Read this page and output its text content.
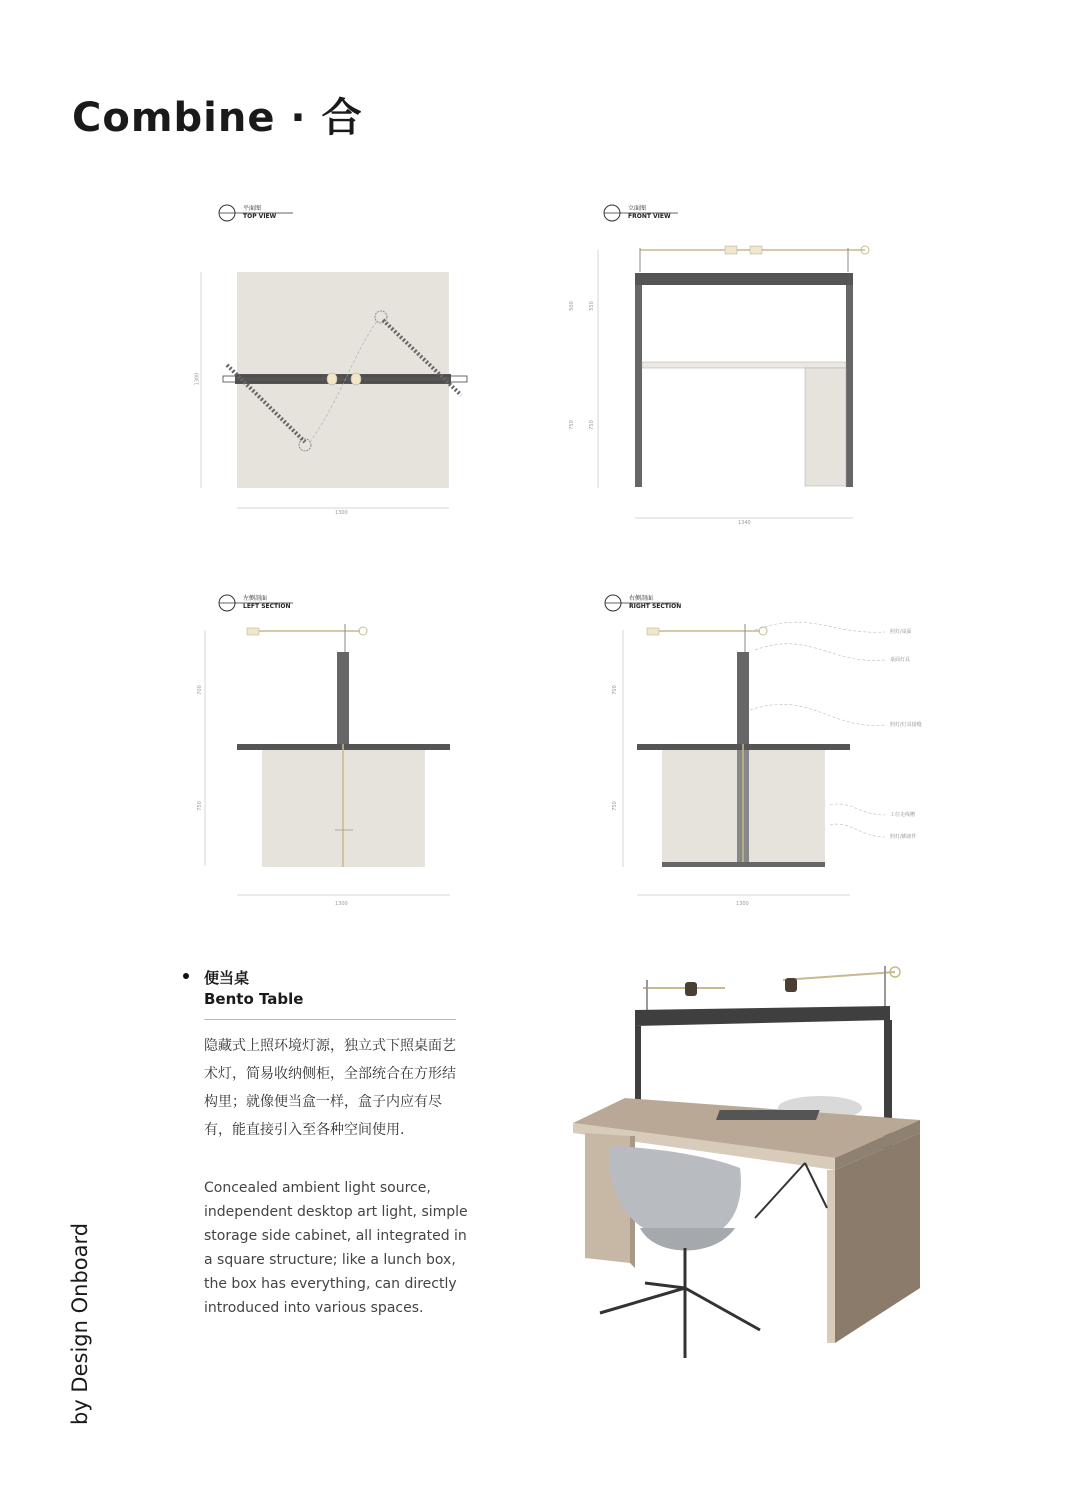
Combine · 合
平面图
TOP VIEW
1300
1300
立面图
FRONT VIEW
1340
500	550
750	750
左侧剖面
LEFT SECTION
1300
700
750
右侧剖面
RIGHT SECTION
1300
700
750
照灯/桌面
桌面灯具
照灯/灯具接缝
工位走线槽
照灯/插座件
便当桌
Bento Table
隐藏式上照环境灯源，独立式下照桌面艺术灯，简易收纳侧柜，全部统合在方形结构里；就像便当盒一样，盒子内应有尽有，能直接引入至各种空间使用.
Concealed ambient light source, independent desktop art light, simple storage side cabinet, all integrated in a square structure; like a lunch box, the box has everything, can directly introduced into various spaces.
by Design Onboard
